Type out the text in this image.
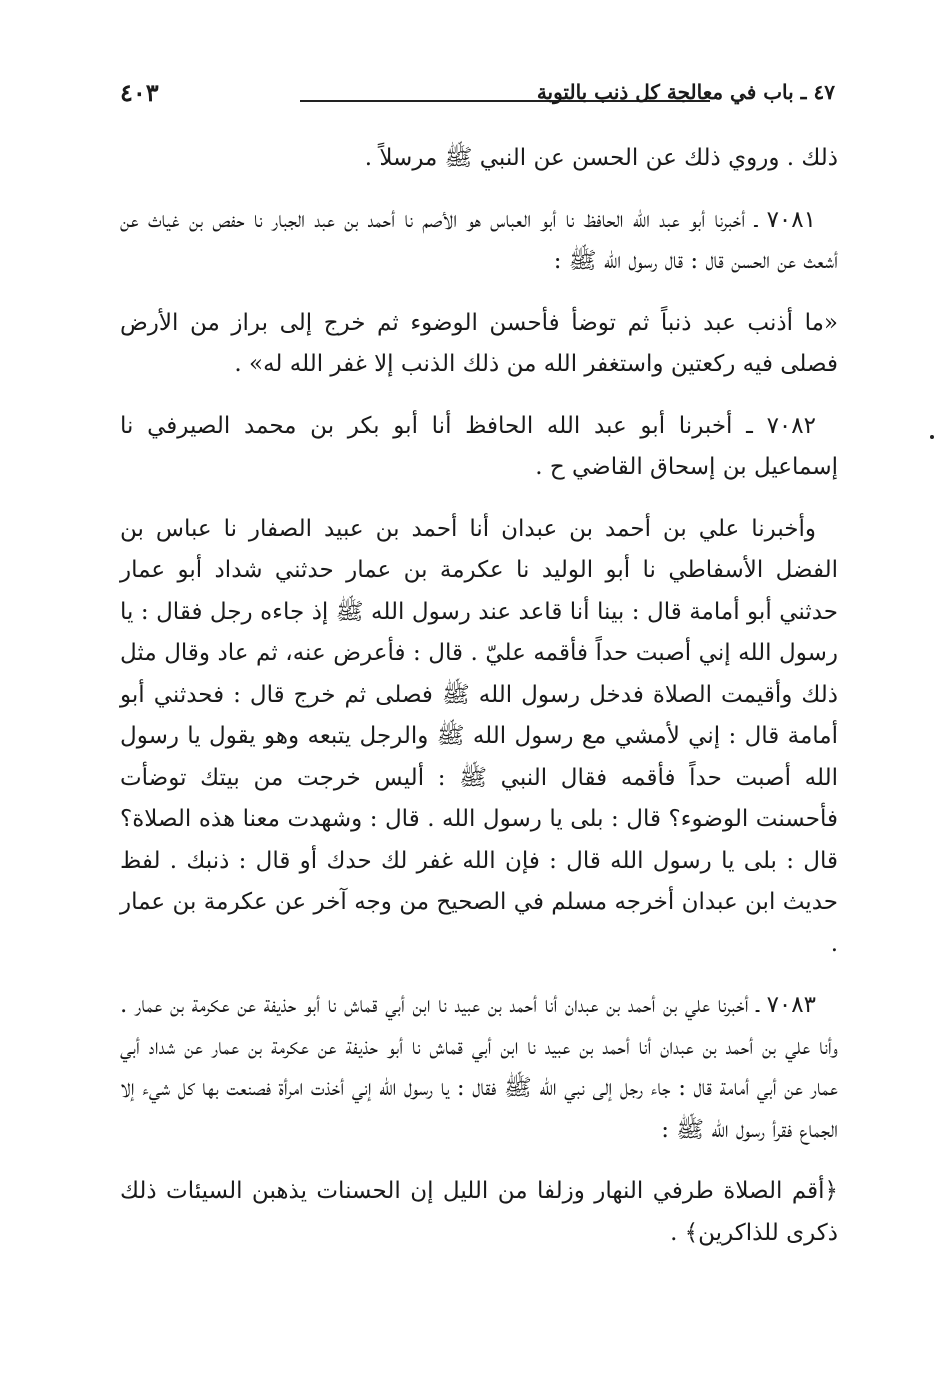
٤٠٣	٤٧ ـ باب في معالجة كل ذنب بالتوبة

ذلك . وروي ذلك عن الحسن عن النبي ﷺ مرسلاً .

٧٠٨١ ـ أخبرنا أبو عبد الله الحافظ نا أبو العباس هو الأصم نا أحمد بن عبد الجبار نا حفص بن غياث عن أشعث عن الحسن قال : قال رسول الله ﷺ :

«ما أذنب عبد ذنباً ثم توضأ فأحسن الوضوء ثم خرج إلى براز من الأرض فصلى فيه ركعتين واستغفر الله من ذلك الذنب إلا غفر الله له» .

٧٠٨٢ ـ أخبرنا أبو عبد الله الحافظ أنا أبو بكر بن محمد الصيرفي نا إسماعيل بن إسحاق القاضي ح .

وأخبرنا علي بن أحمد بن عبدان أنا أحمد بن عبيد الصفار نا عباس بن الفضل الأسفاطي نا أبو الوليد نا عكرمة بن عمار حدثني شداد أبو عمار حدثني أبو أمامة قال : بينا أنا قاعد عند رسول الله ﷺ إذ جاءه رجل فقال : يا رسول الله إني أصبت حداً فأقمه عليّ . قال : فأعرض عنه، ثم عاد وقال مثل ذلك وأقيمت الصلاة فدخل رسول الله ﷺ فصلى ثم خرج قال : فحدثني أبو أمامة قال : إني لأمشي مع رسول الله ﷺ والرجل يتبعه وهو يقول يا رسول الله أصبت حداً فأقمه فقال النبي ﷺ : أليس خرجت من بيتك توضأت فأحسنت الوضوء؟ قال : بلى يا رسول الله . قال : وشهدت معنا هذه الصلاة؟ قال : بلى يا رسول الله قال : فإن الله غفر لك حدك أو قال : ذنبك . لفظ حديث ابن عبدان أخرجه مسلم في الصحيح من وجه آخر عن عكرمة بن عمار .

٧٠٨٣ ـ أخبرنا علي بن أحمد بن عبدان أنا أحمد بن عبيد نا ابن أبي قماش نا أبو حذيفة عن عكرمة بن عمار . وأنا علي بن أحمد بن عبدان أنا أحمد بن عبيد نا ابن أبي قماش نا أبو حذيفة عن عكرمة بن عمار عن شداد أبي عمار عن أبي أمامة قال : جاء رجل إلى نبي الله ﷺ فقال : يا رسول الله إني أخذت امرأة فصنعت بها كل شيء إلا الجماع فقرأ رسول الله ﷺ :

﴿أقم الصلاة طرفي النهار وزلفا من الليل إن الحسنات يذهبن السيئات ذلك ذكرى للذاكرين﴾ .
